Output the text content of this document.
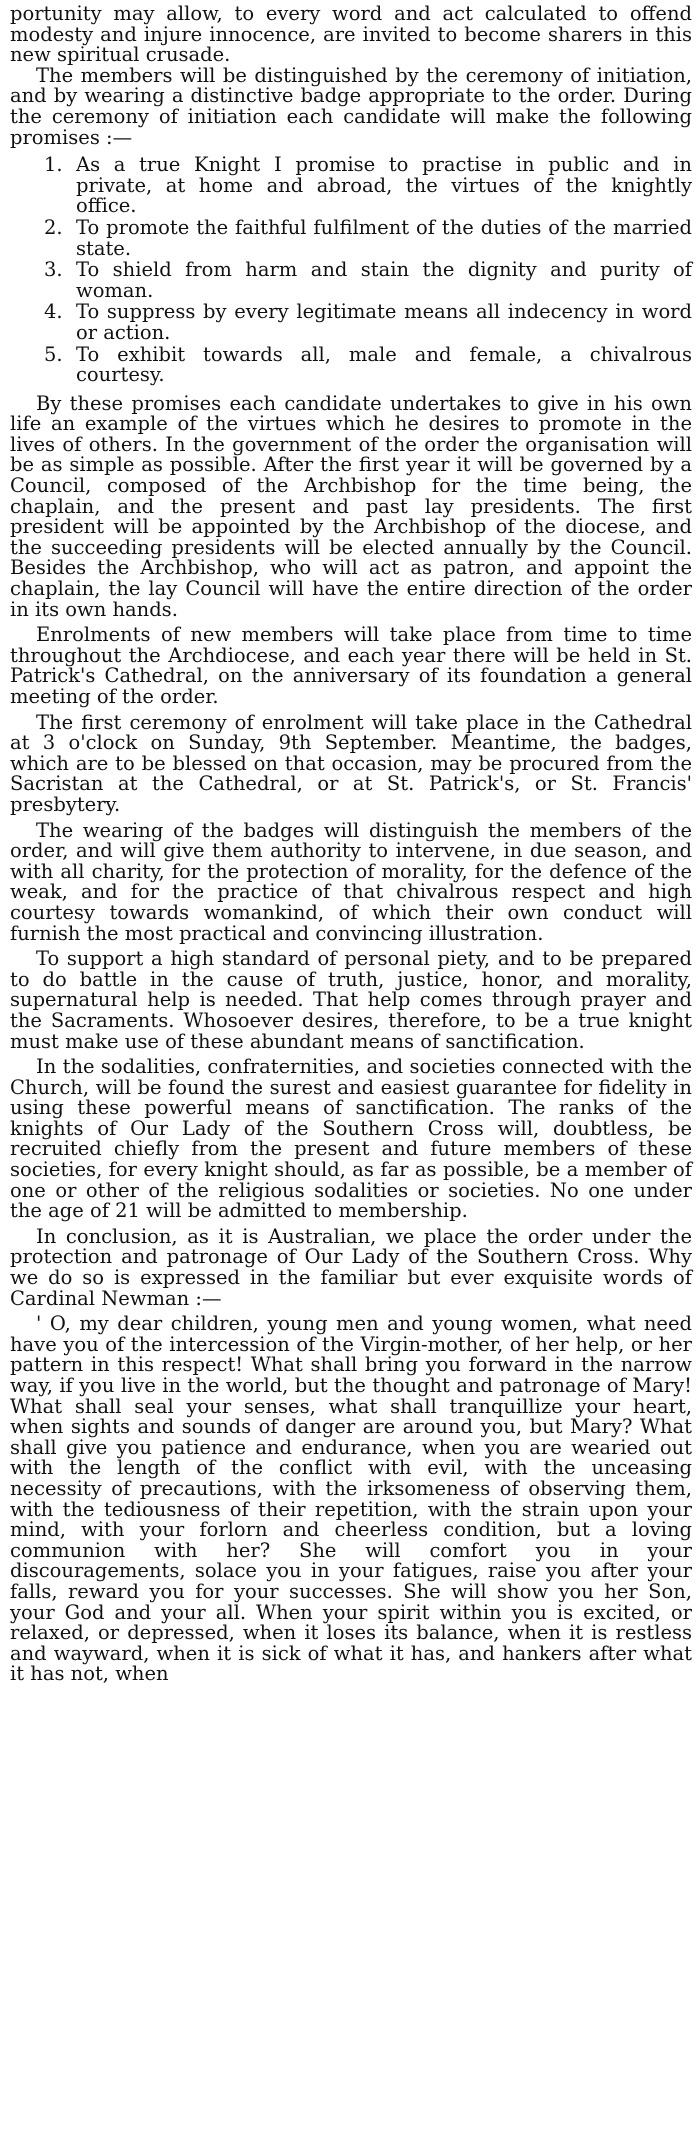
portunity may allow, to every word and act calculated to offend modesty and injure innocence, are invited to become sharers in this new spiritual crusade.

The members will be distinguished by the ceremony of initiation, and by wearing a distinctive badge appropriate to the order. During the ceremony of initiation each candidate will make the following promises :—

1. As a true Knight I promise to practise in public and in private, at home and abroad, the virtues of the knightly office.
2. To promote the faithful fulfilment of the duties of the married state.
3. To shield from harm and stain the dignity and purity of woman.
4. To suppress by every legitimate means all indecency in word or action.
5. To exhibit towards all, male and female, a chivalrous courtesy.

By these promises each candidate undertakes to give in his own life an example of the virtues which he desires to promote in the lives of others. In the government of the order the organisation will be as simple as possible. After the first year it will be governed by a Council, composed of the Archbishop for the time being, the chaplain, and the present and past lay presidents. The first president will be appointed by the Archbishop of the diocese, and the succeeding presidents will be elected annually by the Council. Besides the Archbishop, who will act as patron, and appoint the chaplain, the lay Council will have the entire direction of the order in its own hands.

Enrolments of new members will take place from time to time throughout the Archdiocese, and each year there will be held in St. Patrick's Cathedral, on the anniversary of its foundation a general meeting of the order.

The first ceremony of enrolment will take place in the Cathedral at 3 o'clock on Sunday, 9th September. Meantime, the badges, which are to be blessed on that occasion, may be procured from the Sacristan at the Cathedral, or at St. Patrick's, or St. Francis' presbytery.

The wearing of the badges will distinguish the members of the order, and will give them authority to intervene, in due season, and with all charity, for the protection of morality, for the defence of the weak, and for the practice of that chivalrous respect and high courtesy towards womankind, of which their own conduct will furnish the most practical and convincing illustration.

To support a high standard of personal piety, and to be prepared to do battle in the cause of truth, justice, honor, and morality, supernatural help is needed. That help comes through prayer and the Sacraments. Whosoever desires, therefore, to be a true knight must make use of these abundant means of sanctification.

In the sodalities, confraternities, and societies connected with the Church, will be found the surest and easiest guarantee for fidelity in using these powerful means of sanctification. The ranks of the knights of Our Lady of the Southern Cross will, doubtless, be recruited chiefly from the present and future members of these societies, for every knight should, as far as possible, be a member of one or other of the religious sodalities or societies. No one under the age of 21 will be admitted to membership.

In conclusion, as it is Australian, we place the order under the protection and patronage of Our Lady of the Southern Cross. Why we do so is expressed in the familiar but ever exquisite words of Cardinal Newman :—

' O, my dear children, young men and young women, what need have you of the intercession of the Virgin-mother, of her help, or her pattern in this respect! What shall bring you forward in the narrow way, if you live in the world, but the thought and patronage of Mary! What shall seal your senses, what shall tranquillize your heart, when sights and sounds of danger are around you, but Mary? What shall give you patience and endurance, when you are wearied out with the length of the conflict with evil, with the unceasing necessity of precautions, with the irksomeness of observing them, with the tediousness of their repetition, with the strain upon your mind, with your forlorn and cheerless condition, but a loving communion with her? She will comfort you in your discouragements, solace you in your fatigues, raise you after your falls, reward you for your successes. She will show you her Son, your God and your all. When your spirit within you is excited, or relaxed, or depressed, when it loses its balance, when it is restless and wayward, when it is sick of what it has, and hankers after what it has not, when
